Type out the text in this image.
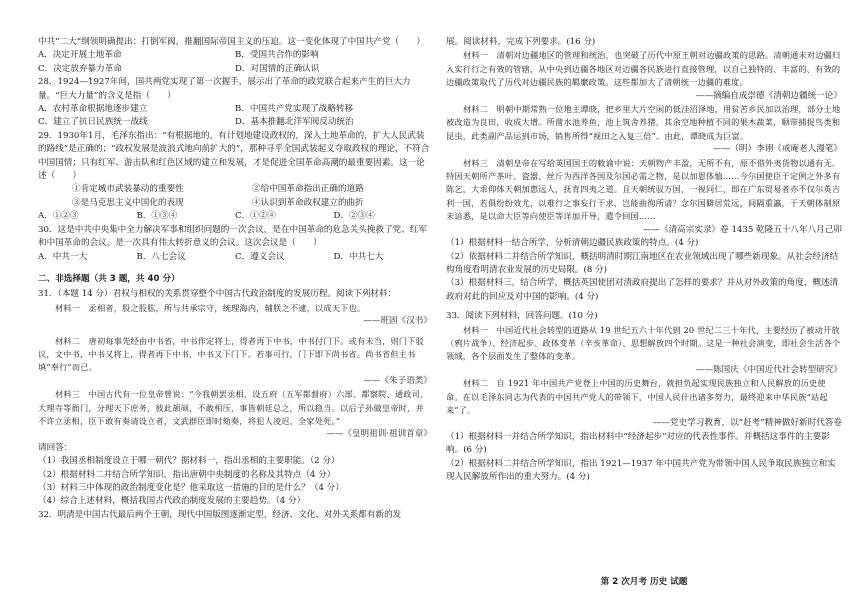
中共“二大”纲领明确提出：打倒军阀，推翻国际帝国主义的压迫。这一变化体现了中国共产党（　　）

A．决定开展土地革命	B．受国共合作的影响
C．决定放弃暴力革命	D．对国情的正确认识

28．1924—1927年间，国共两党实现了第一次握手，展示出了革命的政党联合起来产生的巨大力量。“巨大力量”的含义是指（　　）

A．农村革命根据地逐步建立	B．中国共产党实现了战略转移
C．建立了抗日民族统一战线	D．基本推翻北洋军阀反动统治

29．1930年1月，毛泽东指出：“有根据地的，有计划地建设政权的，深入土地革命的，扩大人民武装的路线”是正确的；“政权发展是波浪式地向前扩大的”，那种寻乎全国武装起义夺取政权的理论，不符合中国国情；只有红军、游击队和红色区域的建立和发展，才是促进全国革命高潮的最重要因素。这一论述（　　）

①肯定城市武装暴动的重要性	②给中国革命指出正确的道路
③是马克思主义中国化的表现	④认识到革命政权建立的曲折
A．①②③	B．①③④	C．①②④	D．②③④

30．这是中共中央集中全力解决军事和组织问题的一次会议，是在中国革命的危急关头挽救了党、红军和中国革命的会议，是一次具有伟大转折意义的会议。这次会议是（　　）

A．中共一大	B．八七会议	C．遵义会议	D．中共七大

二、非选择题（共 3 题，共 40 分）

31．（本题 14 分）君权与相权的关系贯穿整个中国古代政治制度的发展历程。阅读下列材料：

材料一　丞相者，股之股肱，所与共承宗守，统理海内，辅朕之不逮，以成天下也。

——班固《汉书》

材料二　唐初每事先经由中书省，中书作定将上，得者再下中书，中书付门下。或有未当，则门下驳议，文中书，中书又将上，得者再下中书，中书又下门下。若事可行，门下即下尚书省。尚书省但主书填“奉行”而已。

——《朱子语类》

材料三　中国古代有一位皇帝曾说：“今我朝罢丞相，设五府（五军都督府）六部、都察院、通政司、大理寺等衙门，分理天下庶务，彼此颉颃，不敢相压，事皆朝廷总之，所以稳当。以后子孙做皇帝时，并不许立丞相，臣下敢有奏请设立者，文武群臣即时劾奏，将犯人凌迟，全家处死。”

——《皇明祖训·祖训首章》

请回答：

（1）我国丞相制度设立于哪一朝代？据材料一，指出丞相的主要职能。（2 分）

（2）根据材料二并结合所学知识，指出唐朝中央制度的名称及其特点（4 分）

（3）材料三中体现的政治制度变化是？他采取这一措施的目的是什么？（4 分）

（4）综合上述材料，概括我国古代政治制度发展的主要趋势。（4 分）

32．明清是中国古代最后两个王朝，现代中国版图逐渐定型，经济、文化、对外关系都有新的发

展。阅读材料，完成下列要求。(16 分)

材料一　清朝对边疆地区的管理和统治，也突破了历代中原王朝对边疆政策的思路。清朝通未对边疆归入实行行之有效的管辖，从中央到边疆各地区对边疆各民族进行直接管理，以自己独特的、丰富的、有效的边疆政策取代了历代对边疆民族的羁縻政策。这些都加大了清朝统一边疆的难度。

——摘编自成崇德《清朝边疆统一论》

材料二　明朝中期常熟一位地主谭晓，把乡里大片空闲的低洼沼泽地，用贫苦乡民加以治理，部分土地被改造为良田，收成大增。所凿水池养鱼，池上筑舍养猪，其余空地种植不同的果木蔬菜，顺带捕捉鸟类和昆虫，此类副产品运到市场，销售所得“视田之入复三倍”。由此，谭晓成为巨富。

——（明）李诩《戒庵老人漫笔》

材料三　清朝皇帝在写给英国国王的敕谕中说：天朝物产丰盈，无所不有，原不借外夷货物以通有无。特因天朝所产茶叶、瓷器、丝斤为西洋各国及尔国必需之物，是以加恩体恤……今尔国使臣于定例之外多有陈乞，大乖仰体天朝加惠远人，抚育四夷之道。且天朝统驭万国，一视同仁，即在广东贸易者亦不仅尔英吉利一国，若俱纷纷效尤，以难行之事妄行干求，岂能曲徇所请？念尔国僻居荒远，间隔重瀛，于天朝体制原未谙悉，是以命大臣等向使臣等详加开导，遣令回国……

——《清高宗实录》卷 1435 乾隆五十八年八月己卯

（1）根据材料一结合所学，分析清朝边疆民族政策的特点。(4 分)

（2）依据材料二并结合所学知识，概括明清时期江南地区在农业领域出现了哪些新现象。从社会经济结构角度看明清农业发展的历史局限。(8 分)

（3）根据材料三，结合所学，概括英国使团对清政府提出了怎样的要求？并从对外政策的角度，概述清政府对此的回应及对中国的影响。(4 分)

33．阅读下列材料，回答问题。(10 分)

材料一　中国近代社会转型的道路从 19 世纪五六十年代到 20 世纪二三十年代，主要经历了被动开放（鸦片战争）、经济起步、政体变革（辛亥革命）、思想解放四个时期。这是一种社会演变，即社会生活各个领域，各个层面发生了整体的变革。

——陈国庆《中国近代社会转型研究》

材料二　自 1921 年中国共产党登上中国的历史舞台，就担负起实现民族独立和人民解放的历史使命。在以毛泽东同志为代表的中国共产党人的带领下，中国人民什出诸多努力，最终迎来中华民族“站起来”了。

——党史学习教育，以“赶考”精神做好新时代答卷

（1）根据材料一并结合所学知识，指出材料中“经济起步”对应的代表性事件。并概括这事件的主要影响。(6 分)

（2）根据材料二并结合所学知识，指出 1921—1937 年中国共产党为带领中国人民争取民族独立和实现人民解放所作出的重大努力。(4 分)

第 2 次月考 历史 试题
